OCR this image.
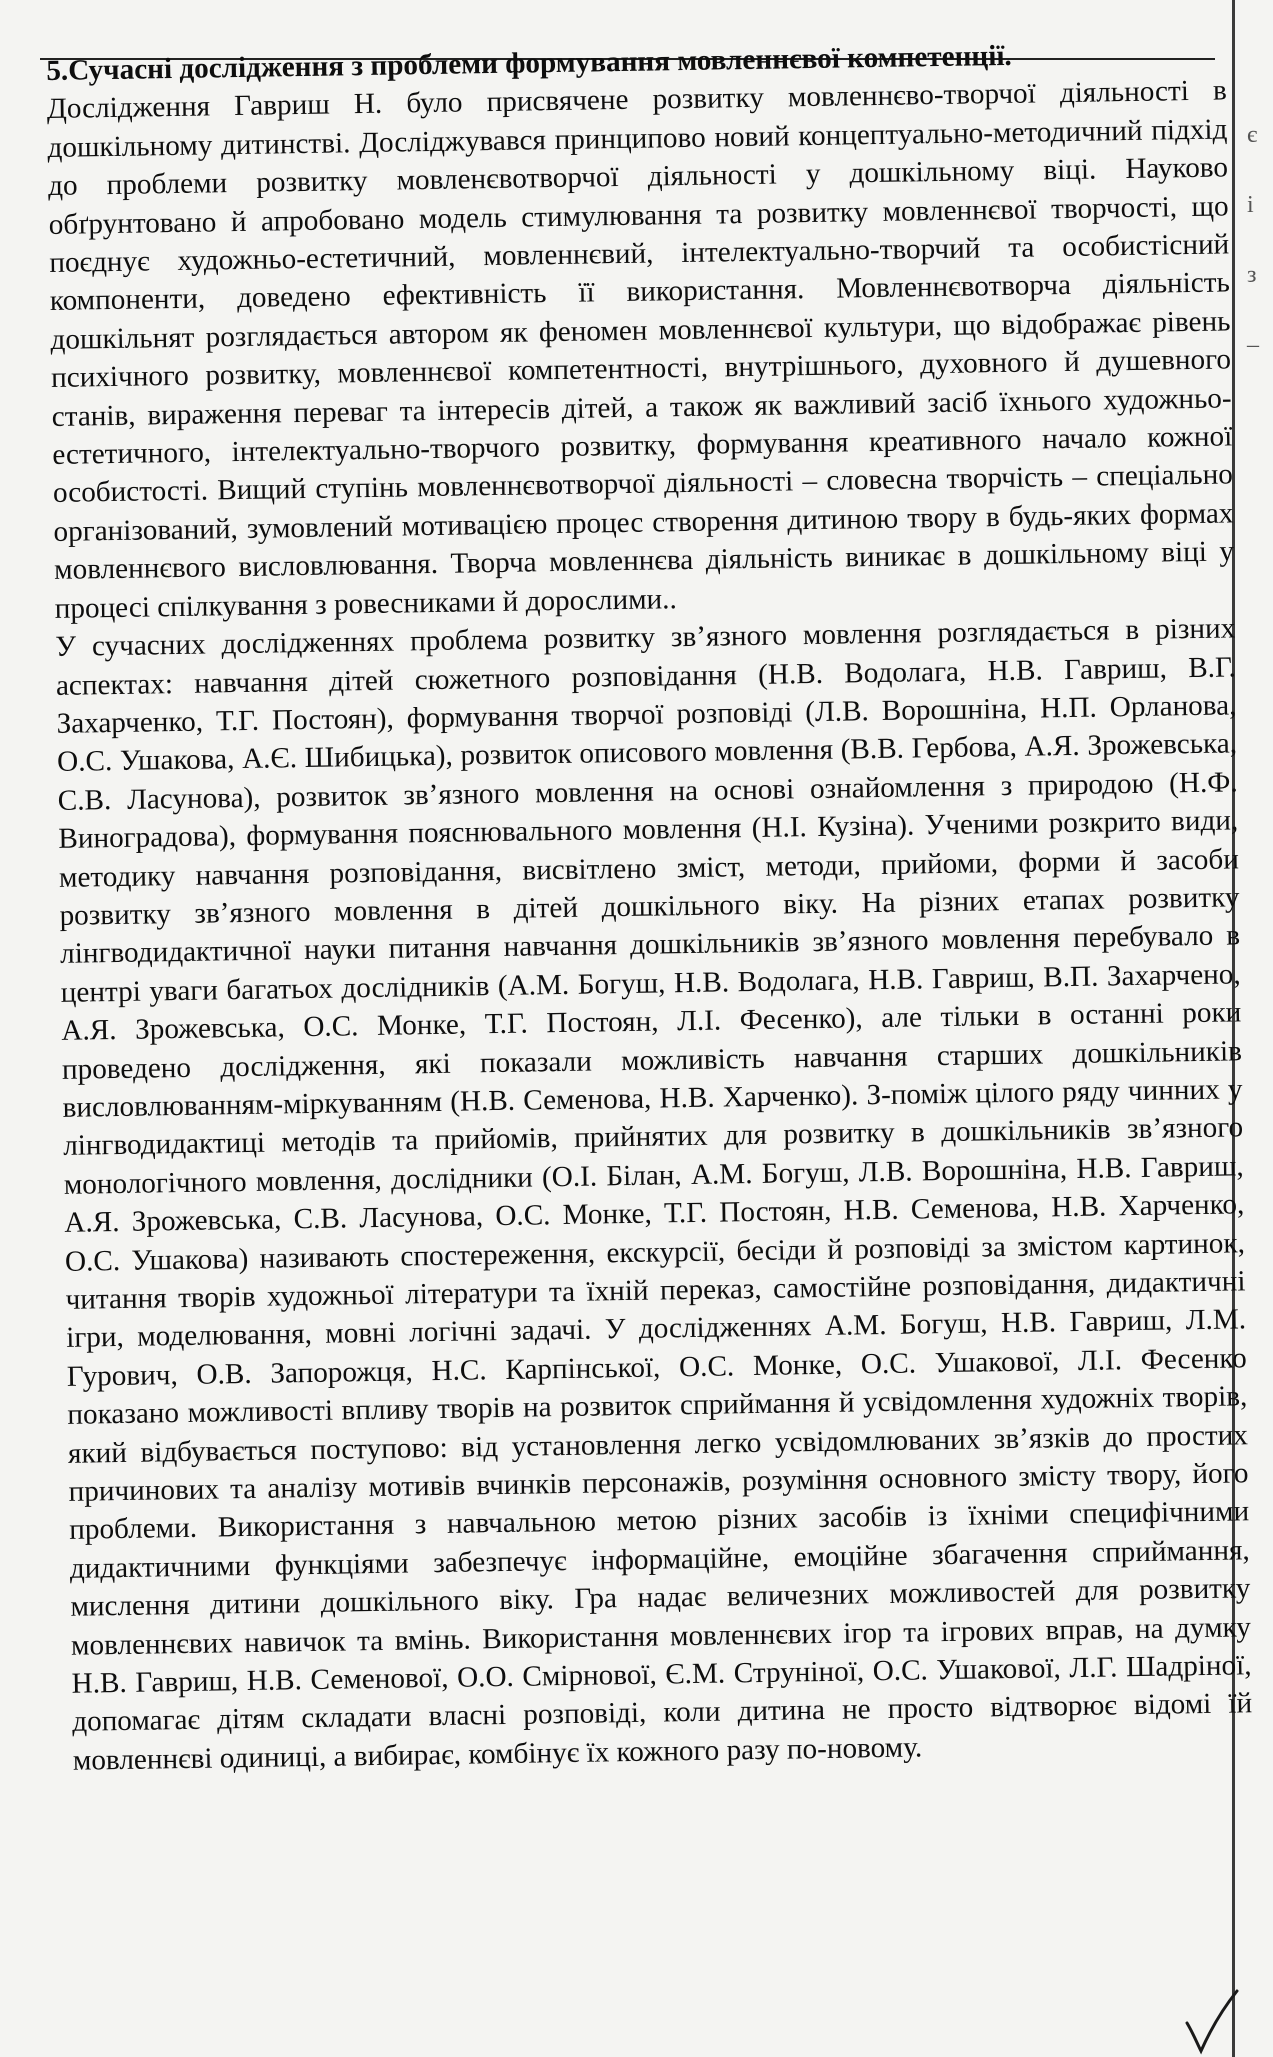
є
і
з
–

5.Сучасні дослідження з проблеми формування мовленнєвої компетенції.

Дослідження Гавриш Н. було присвячене розвитку мовленнєво-творчої діяльності в дошкільному дитинстві. Досліджувався принципово новий концептуально-методичний підхід до проблеми розвитку мовленєвотворчої діяльності у дошкільному віці. Науково обґрунтовано й апробовано модель стимулювання та розвитку мовленнєвої творчості, що поєднує художньо-естетичний, мовленнєвий, інтелектуально-творчий та особистісний компоненти, доведено ефективність її використання. Мовленнєвотворча діяльність дошкільнят розглядається автором як феномен мовленнєвої культури, що відображає рівень психічного розвитку, мовленнєвої компетентності, внутрішнього, духовного й душевного станів, вираження переваг та інтересів дітей, а також як важливий засіб їхнього художньо-естетичного, інтелектуально-творчого розвитку, формування креативного начало кожної особистості. Вищий ступінь мовленнєвотворчої діяльності – словесна творчість – спеціально організований, зумовлений мотивацією процес створення дитиною твору в будь-яких формах мовленнєвого висловлювання. Творча мовленнєва діяльність виникає в дошкільному віці у процесі спілкування з ровесниками й дорослими..

У сучасних дослідженнях проблема розвитку зв’язного мовлення розглядається в різних аспектах: навчання дітей сюжетного розповідання (Н.В. Водолага, Н.В. Гавриш, В.Г. Захарченко, Т.Г. Постоян), формування творчої розповіді (Л.В. Ворошніна, Н.П. Орланова, О.С. Ушакова, А.Є. Шибицька), розвиток описового мовлення (В.В. Гербова, А.Я. Зрожевська, С.В. Ласунова), розвиток зв’язного мовлення на основі ознайомлення з природою (Н.Ф. Виноградова), формування пояснювального мовлення (Н.І. Кузіна). Ученими розкрито види, методику навчання розповідання, висвітлено зміст, методи, прийоми, форми й засоби розвитку зв’язного мовлення в дітей дошкільного віку. На різних етапах розвитку лінгводидактичної науки питання навчання дошкільників зв’язного мовлення перебувало в центрі уваги багатьох дослідників (А.М. Богуш, Н.В. Водолага, Н.В. Гавриш, В.П. Захарчено, А.Я. Зрожевська, О.С. Монке, Т.Г. Постоян, Л.І. Фесенко), але тільки в останні роки проведено дослідження, які показали можливість навчання старших дошкільників висловлюванням-міркуванням (Н.В. Семенова, Н.В. Харченко). З-поміж цілого ряду чинних у лінгводидактиці методів та прийомів, прийнятих для розвитку в дошкільників зв’язного монологічного мовлення, дослідники (О.І. Білан, А.М. Богуш, Л.В. Ворошніна, Н.В. Гавриш, А.Я. Зрожевська, С.В. Ласунова, О.С. Монке, Т.Г. Постоян, Н.В. Семенова, Н.В. Харченко, О.С. Ушакова) називають спостереження, екскурсії, бесіди й розповіді за змістом картинок, читання творів художньої літератури та їхній переказ, самостійне розповідання, дидактичні ігри, моделювання, мовні логічні задачі. У дослідженнях А.М. Богуш, Н.В. Гавриш, Л.М. Гурович, О.В. Запорожця, Н.С. Карпінської, О.С. Монке, О.С. Ушакової, Л.І. Фесенко показано можливості впливу творів на розвиток сприймання й усвідомлення художніх творів, який відбувається поступово: від установлення легко усвідомлюваних зв’язків до простих причинових та аналізу мотивів вчинків персонажів, розуміння основного змісту твору, його проблеми. Використання з навчальною метою різних засобів із їхніми специфічними дидактичними функціями забезпечує інформаційне, емоційне збагачення сприймання, мислення дитини дошкільного віку. Гра надає величезних можливостей для розвитку мовленнєвих навичок та вмінь. Використання мовленнєвих ігор та ігрових вправ, на думку Н.В. Гавриш, Н.В. Семенової, О.О. Смірнової, Є.М. Струніної, О.С. Ушакової, Л.Г. Шадріної, допомагає дітям складати власні розповіді, коли дитина не просто відтворює відомі їй мовленнєві одиниці, а вибирає, комбінує їх кожного разу по-новому.
